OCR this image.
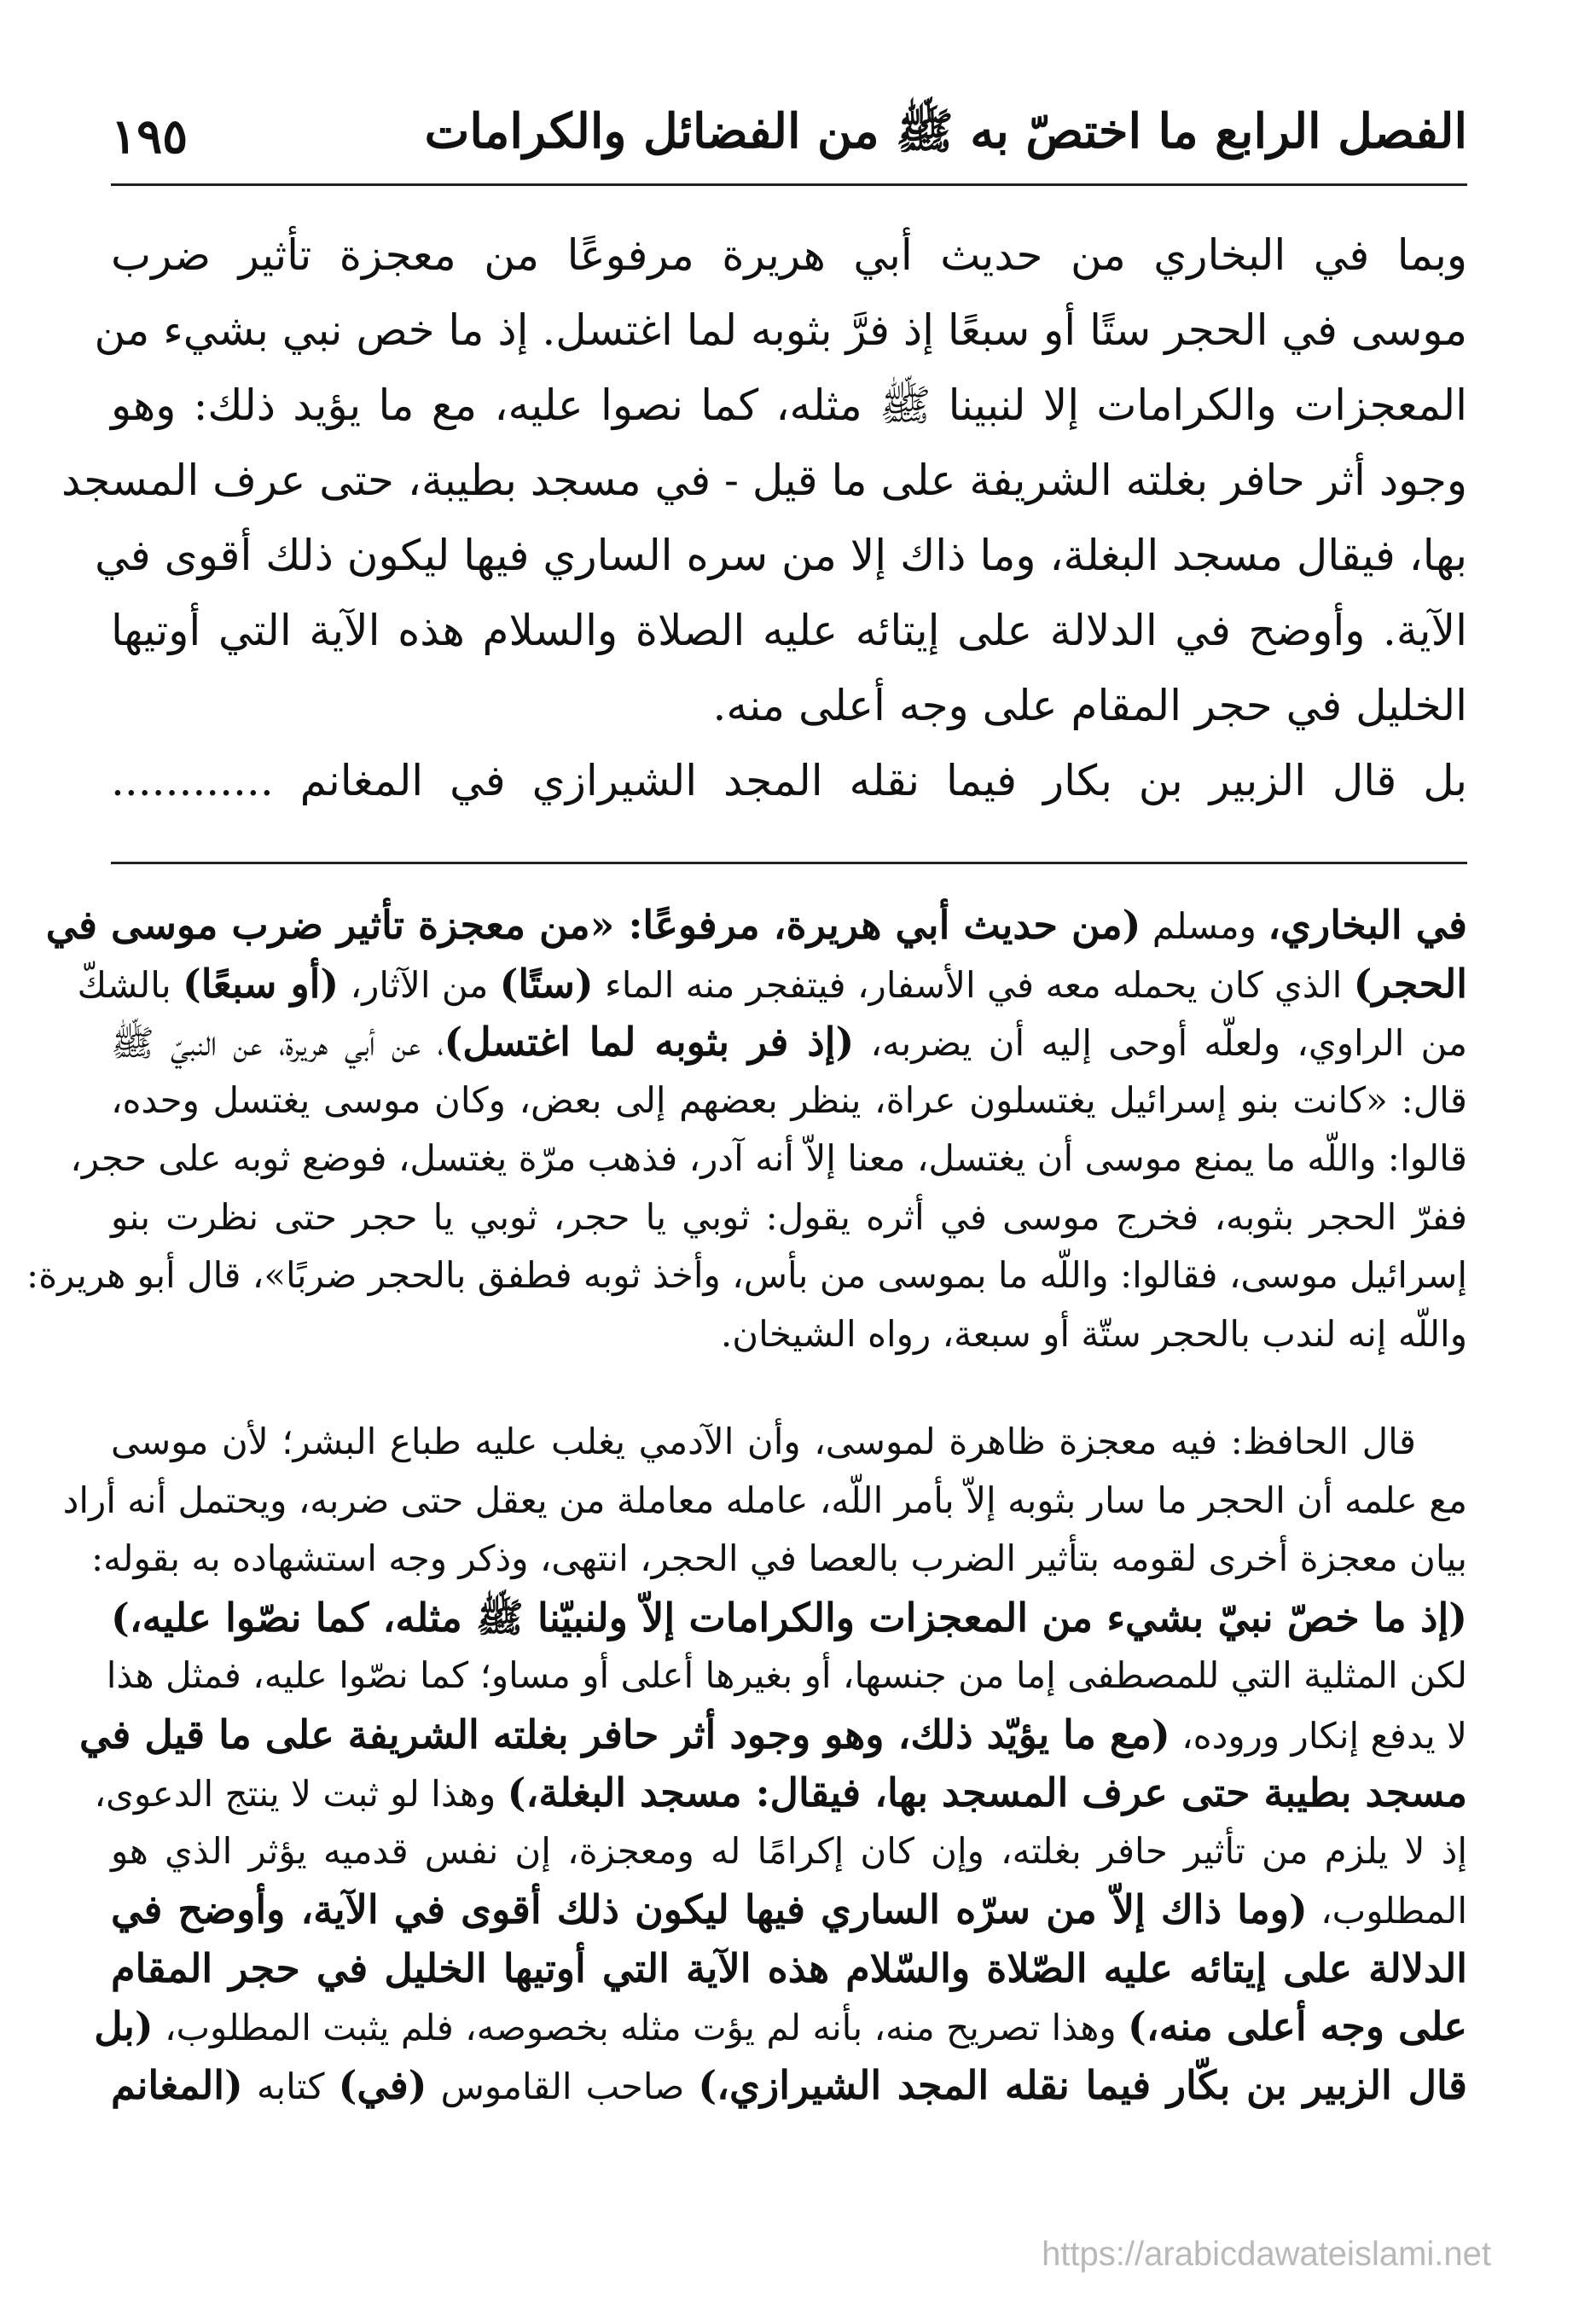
الفصل الرابع ما اختصّ به ﷺ من الفضائل والكرامات
١٩٥
وبما في البخاري من حديث أبي هريرة مرفوعًا من معجزة تأثير ضرب
موسى في الحجر ستًا أو سبعًا إذ فرَّ بثوبه لما اغتسل. إذ ما خص نبي بشيء من
المعجزات والكرامات إلا لنبينا ﷺ مثله، كما نصوا عليه، مع ما يؤيد ذلك: وهو
وجود أثر حافر بغلته الشريفة على ما قيل - في مسجد بطيبة، حتى عرف المسجد
بها، فيقال مسجد البغلة، وما ذاك إلا من سره الساري فيها ليكون ذلك أقوى في
الآية. وأوضح في الدلالة على إيتائه عليه الصلاة والسلام هذه الآية التي أوتيها
الخليل في حجر المقام على وجه أعلى منه.
بل قال الزبير بن بكار فيما نقله المجد الشيرازي في المغانم ............
في البخاري، ومسلم (من حديث أبي هريرة، مرفوعًا: «من معجزة تأثير ضرب موسى في
الحجر) الذي كان يحمله معه في الأسفار، فيتفجر منه الماء (ستًا) من الآثار، (أو سبعًا) بالشكّ
من الراوي، ولعلّه أوحى إليه أن يضربه، (إذ فر بثوبه لما اغتسل)، عن أبي هريرة، عن النبيّ ﷺ
قال: «كانت بنو إسرائيل يغتسلون عراة، ينظر بعضهم إلى بعض، وكان موسى يغتسل وحده،
قالوا: واللّه ما يمنع موسى أن يغتسل، معنا إلاّ أنه آدر، فذهب مرّة يغتسل، فوضع ثوبه على حجر،
ففرّ الحجر بثوبه، فخرج موسى في أثره يقول: ثوبي يا حجر، ثوبي يا حجر حتى نظرت بنو
إسرائيل موسى، فقالوا: واللّه ما بموسى من بأس، وأخذ ثوبه فطفق بالحجر ضربًا»، قال أبو هريرة:
واللّه إنه لندب بالحجر ستّة أو سبعة، رواه الشيخان.
قال الحافظ: فيه معجزة ظاهرة لموسى، وأن الآدمي يغلب عليه طباع البشر؛ لأن موسى
مع علمه أن الحجر ما سار بثوبه إلاّ بأمر اللّه، عامله معاملة من يعقل حتى ضربه، ويحتمل أنه أراد
بيان معجزة أخرى لقومه بتأثير الضرب بالعصا في الحجر، انتهى، وذكر وجه استشهاده به بقوله:
(إذ ما خصّ نبيّ بشيء من المعجزات والكرامات إلاّ ولنبيّنا ﷺ مثله، كما نصّوا عليه،)
لكن المثلية التي للمصطفى إما من جنسها، أو بغيرها أعلى أو مساو؛ كما نصّوا عليه، فمثل هذا
لا يدفع إنكار وروده، (مع ما يؤيّد ذلك، وهو وجود أثر حافر بغلته الشريفة على ما قيل في
مسجد بطيبة حتى عرف المسجد بها، فيقال: مسجد البغلة،) وهذا لو ثبت لا ينتج الدعوى،
إذ لا يلزم من تأثير حافر بغلته، وإن كان إكرامًا له ومعجزة، إن نفس قدميه يؤثر الذي هو
المطلوب، (وما ذاك إلاّ من سرّه الساري فيها ليكون ذلك أقوى في الآية، وأوضح في
الدلالة على إيتائه عليه الصّلاة والسّلام هذه الآية التي أوتيها الخليل في حجر المقام
على وجه أعلى منه،) وهذا تصريح منه، بأنه لم يؤت مثله بخصوصه، فلم يثبت المطلوب، (بل
قال الزبير بن بكّار فيما نقله المجد الشيرازي،) صاحب القاموس (في) كتابه (المغانم
https://arabicdawateislami.net
